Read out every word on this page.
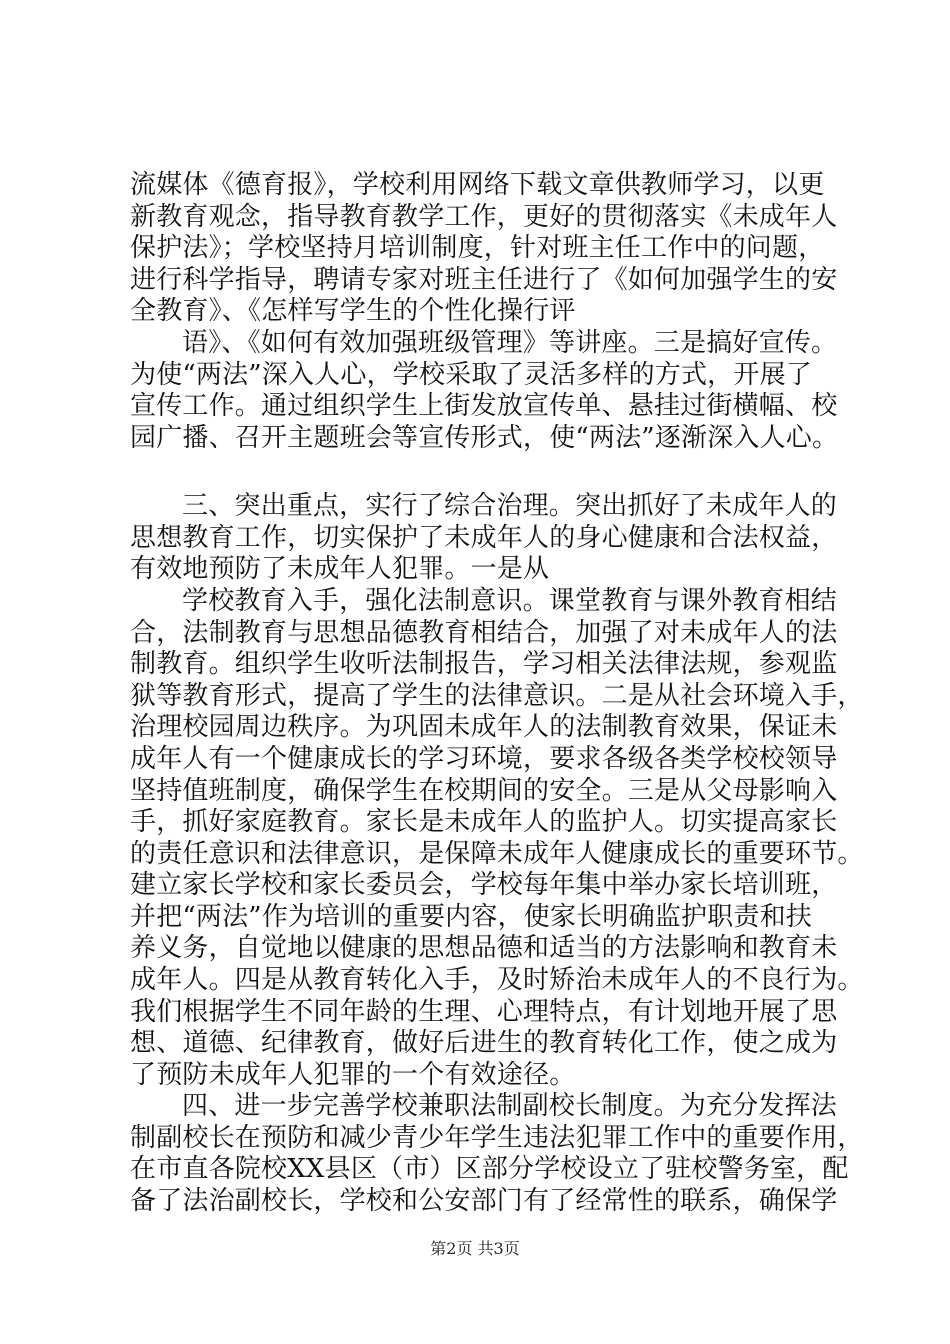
流媒体《德育报》，学校利用网络下载文章供教师学习，以更
新教育观念，指导教育教学工作，更好的贯彻落实《未成年人
保护法》；学校坚持月培训制度，针对班主任工作中的问题，
进行科学指导，聘请专家对班主任进行了《如何加强学生的安
全教育》、《怎样写学生的个性化操行评
语》、《如何有效加强班级管理》等讲座。三是搞好宣传。
为使“两法”深入人心，学校采取了灵活多样的方式，开展了
宣传工作。通过组织学生上街发放宣传单、悬挂过街横幅、校
园广播、召开主题班会等宣传形式，使“两法”逐渐深入人心。
三、突出重点，实行了综合治理。突出抓好了未成年人的
思想教育工作，切实保护了未成年人的身心健康和合法权益，
有效地预防了未成年人犯罪。一是从
学校教育入手，强化法制意识。课堂教育与课外教育相结
合，法制教育与思想品德教育相结合，加强了对未成年人的法
制教育。组织学生收听法制报告，学习相关法律法规，参观监
狱等教育形式，提高了学生的法律意识。二是从社会环境入手，
治理校园周边秩序。为巩固未成年人的法制教育效果，保证未
成年人有一个健康成长的学习环境，要求各级各类学校校领导
坚持值班制度，确保学生在校期间的安全。三是从父母影响入
手，抓好家庭教育。家长是未成年人的监护人。切实提高家长
的责任意识和法律意识，是保障未成年人健康成长的重要环节。
建立家长学校和家长委员会，学校每年集中举办家长培训班，
并把“两法”作为培训的重要内容，使家长明确监护职责和扶
养义务，自觉地以健康的思想品德和适当的方法影响和教育未
成年人。四是从教育转化入手，及时矫治未成年人的不良行为。
我们根据学生不同年龄的生理、心理特点，有计划地开展了思
想、道德、纪律教育，做好后进生的教育转化工作，使之成为
了预防未成年人犯罪的一个有效途径。
四、进一步完善学校兼职法制副校长制度。为充分发挥法
制副校长在预防和减少青少年学生违法犯罪工作中的重要作用，
在市直各院校XX县区（市）区部分学校设立了驻校警务室，配
备了法治副校长，学校和公安部门有了经常性的联系，确保学
第2页 共3页
